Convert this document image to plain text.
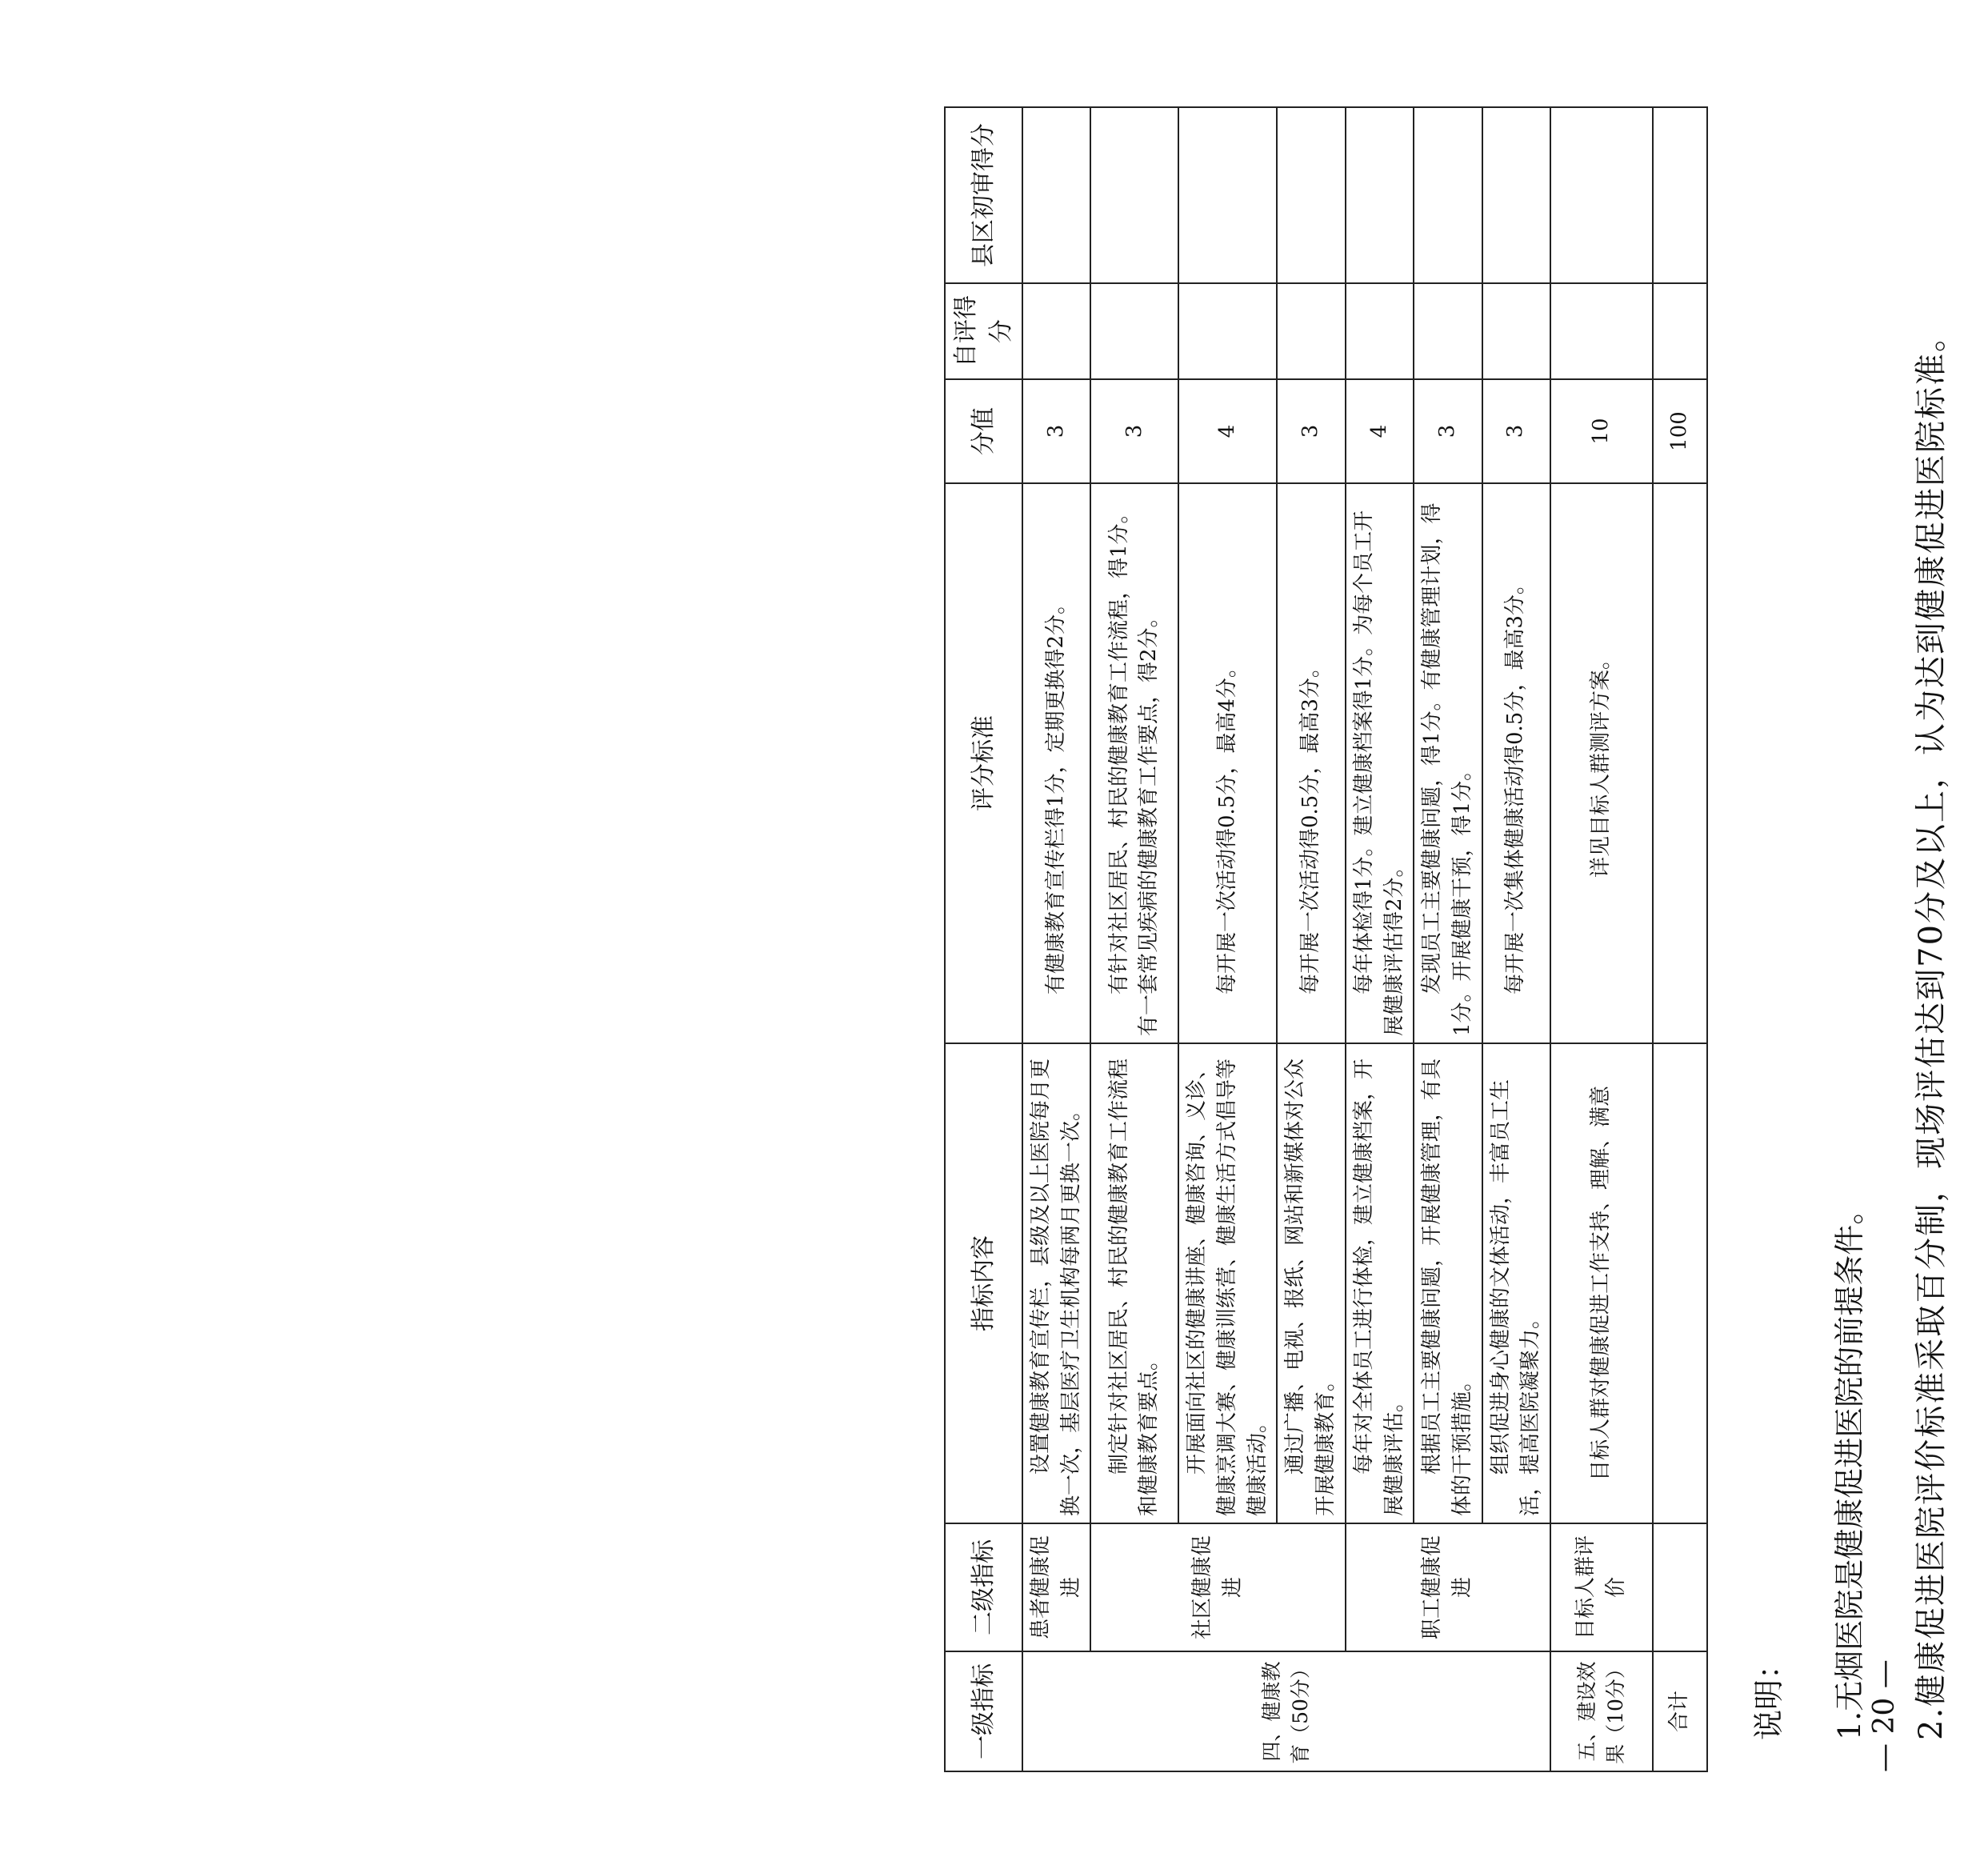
一级指标	二级指标	指标内容	评分标准	分值	自评得分	县区初审得分
四、健康教育（50分）	患者健康促进	设置健康教育宣传栏，县级及以上医院每月更换一次，基层医疗卫生机构每两月更换一次。	有健康教育宣传栏得1分，定期更换得2分。	3		
	社区健康促进	制定针对社区居民、村民的健康教育工作流程和健康教育要点。	有针对社区居民、村民的健康教育工作流程，得1分。有一套常见疾病的健康教育工作要点，得2分。	3		
		开展面向社区的健康讲座、健康咨询、义诊、健康烹调大赛、健康训练营、健康生活方式倡导等健康活动。	每开展一次活动得0.5分，最高4分。	4		
		通过广播、电视、报纸、网站和新媒体对公众开展健康教育。	每开展一次活动得0.5分，最高3分。	3		
	职工健康促进	每年对全体员工进行体检，建立健康档案，开展健康评估。	每年体检得1分。建立健康档案得1分。为每个员工开展健康评估得2分。	4		
		根据员工主要健康问题，开展健康管理，有具体的干预措施。	发现员工主要健康问题，得1分。有健康管理计划，得1分。开展健康干预，得1分。	3		
		组织促进身心健康的文体活动，丰富员工生活，提高医院凝聚力。	每开展一次集体健康活动得0.5分，最高3分。	3		
五、建设效果（10分）	目标人群评价	目标人群对健康促进工作支持、理解、满意	详见目标人群测评方案。	10		
合计				100		

说明： 1.无烟医院是健康促进医院的前提条件。 2.健康促进医院评价标准采取百分制，现场评估达到70分及以上，认为达到健康促进医院标准。

— 20 —
